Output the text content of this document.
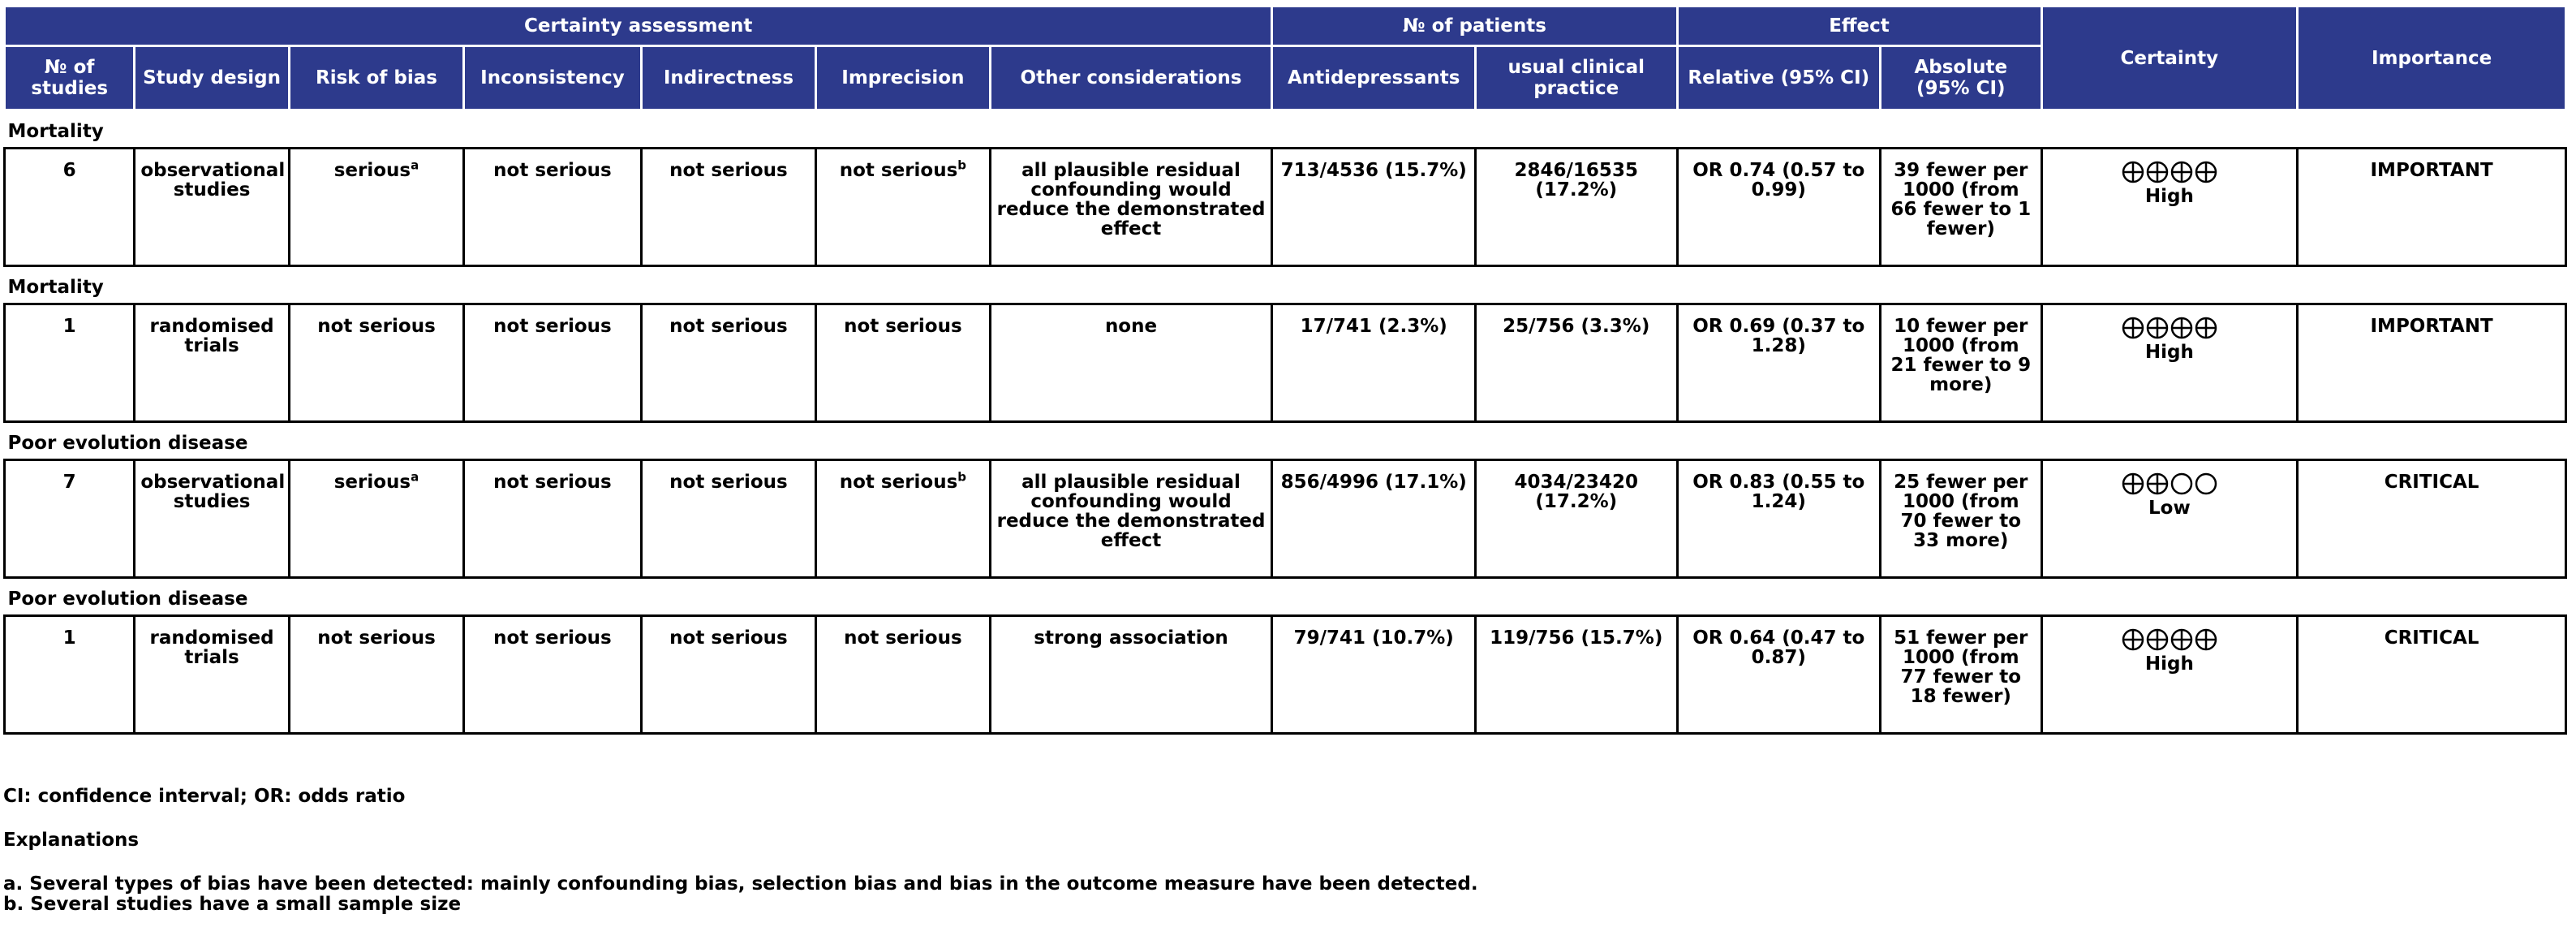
Certainty assessment							№ of patients		Effect		Certainty	Importance
№ of studies	Study design	Risk of bias	Inconsistency	Indirectness	Imprecision	Other considerations	Antidepressants	usual clinical practice	Relative (95% CI)	Absolute (95% CI)		
Mortality												
6	observational studies	serious$^a$	not serious	not serious	not serious$^b$	all plausible residual confounding would reduce the demonstrated effect	713/4536 (15.7%)	2846/16535 (17.2%)	OR 0.74 (0.57 to 0.99)	39 fewer per 1000 (from 66 fewer to 1 fewer)	High	IMPORTANT
Mortality												
1	randomised trials	not serious	not serious	not serious	not serious	none	17/741 (2.3%)	25/756 (3.3%)	OR 0.69 (0.37 to 1.28)	10 fewer per 1000 (from 21 fewer to 9 more)	High	IMPORTANT
Poor evolution disease												
7	observational studies	serious$^a$	not serious	not serious	not serious$^b$	all plausible residual confounding would reduce the demonstrated effect	856/4996 (17.1%)	4034/23420 (17.2%)	OR 0.83 (0.55 to 1.24)	25 fewer per 1000 (from 70 fewer to 33 more)	Low	CRITICAL
Poor evolution disease												
1	randomised trials	not serious	not serious	not serious	not serious	strong association	79/741 (10.7%)	119/756 (15.7%)	OR 0.64 (0.47 to 0.87)	51 fewer per 1000 (from 77 fewer to 18 fewer)	High	CRITICAL
CI: confidence interval; OR: odds ratio
Explanations
a. Several types of bias have been detected: mainly confounding bias, selection bias and bias in the outcome measure have been detected.
b. Several studies have a small sample size
